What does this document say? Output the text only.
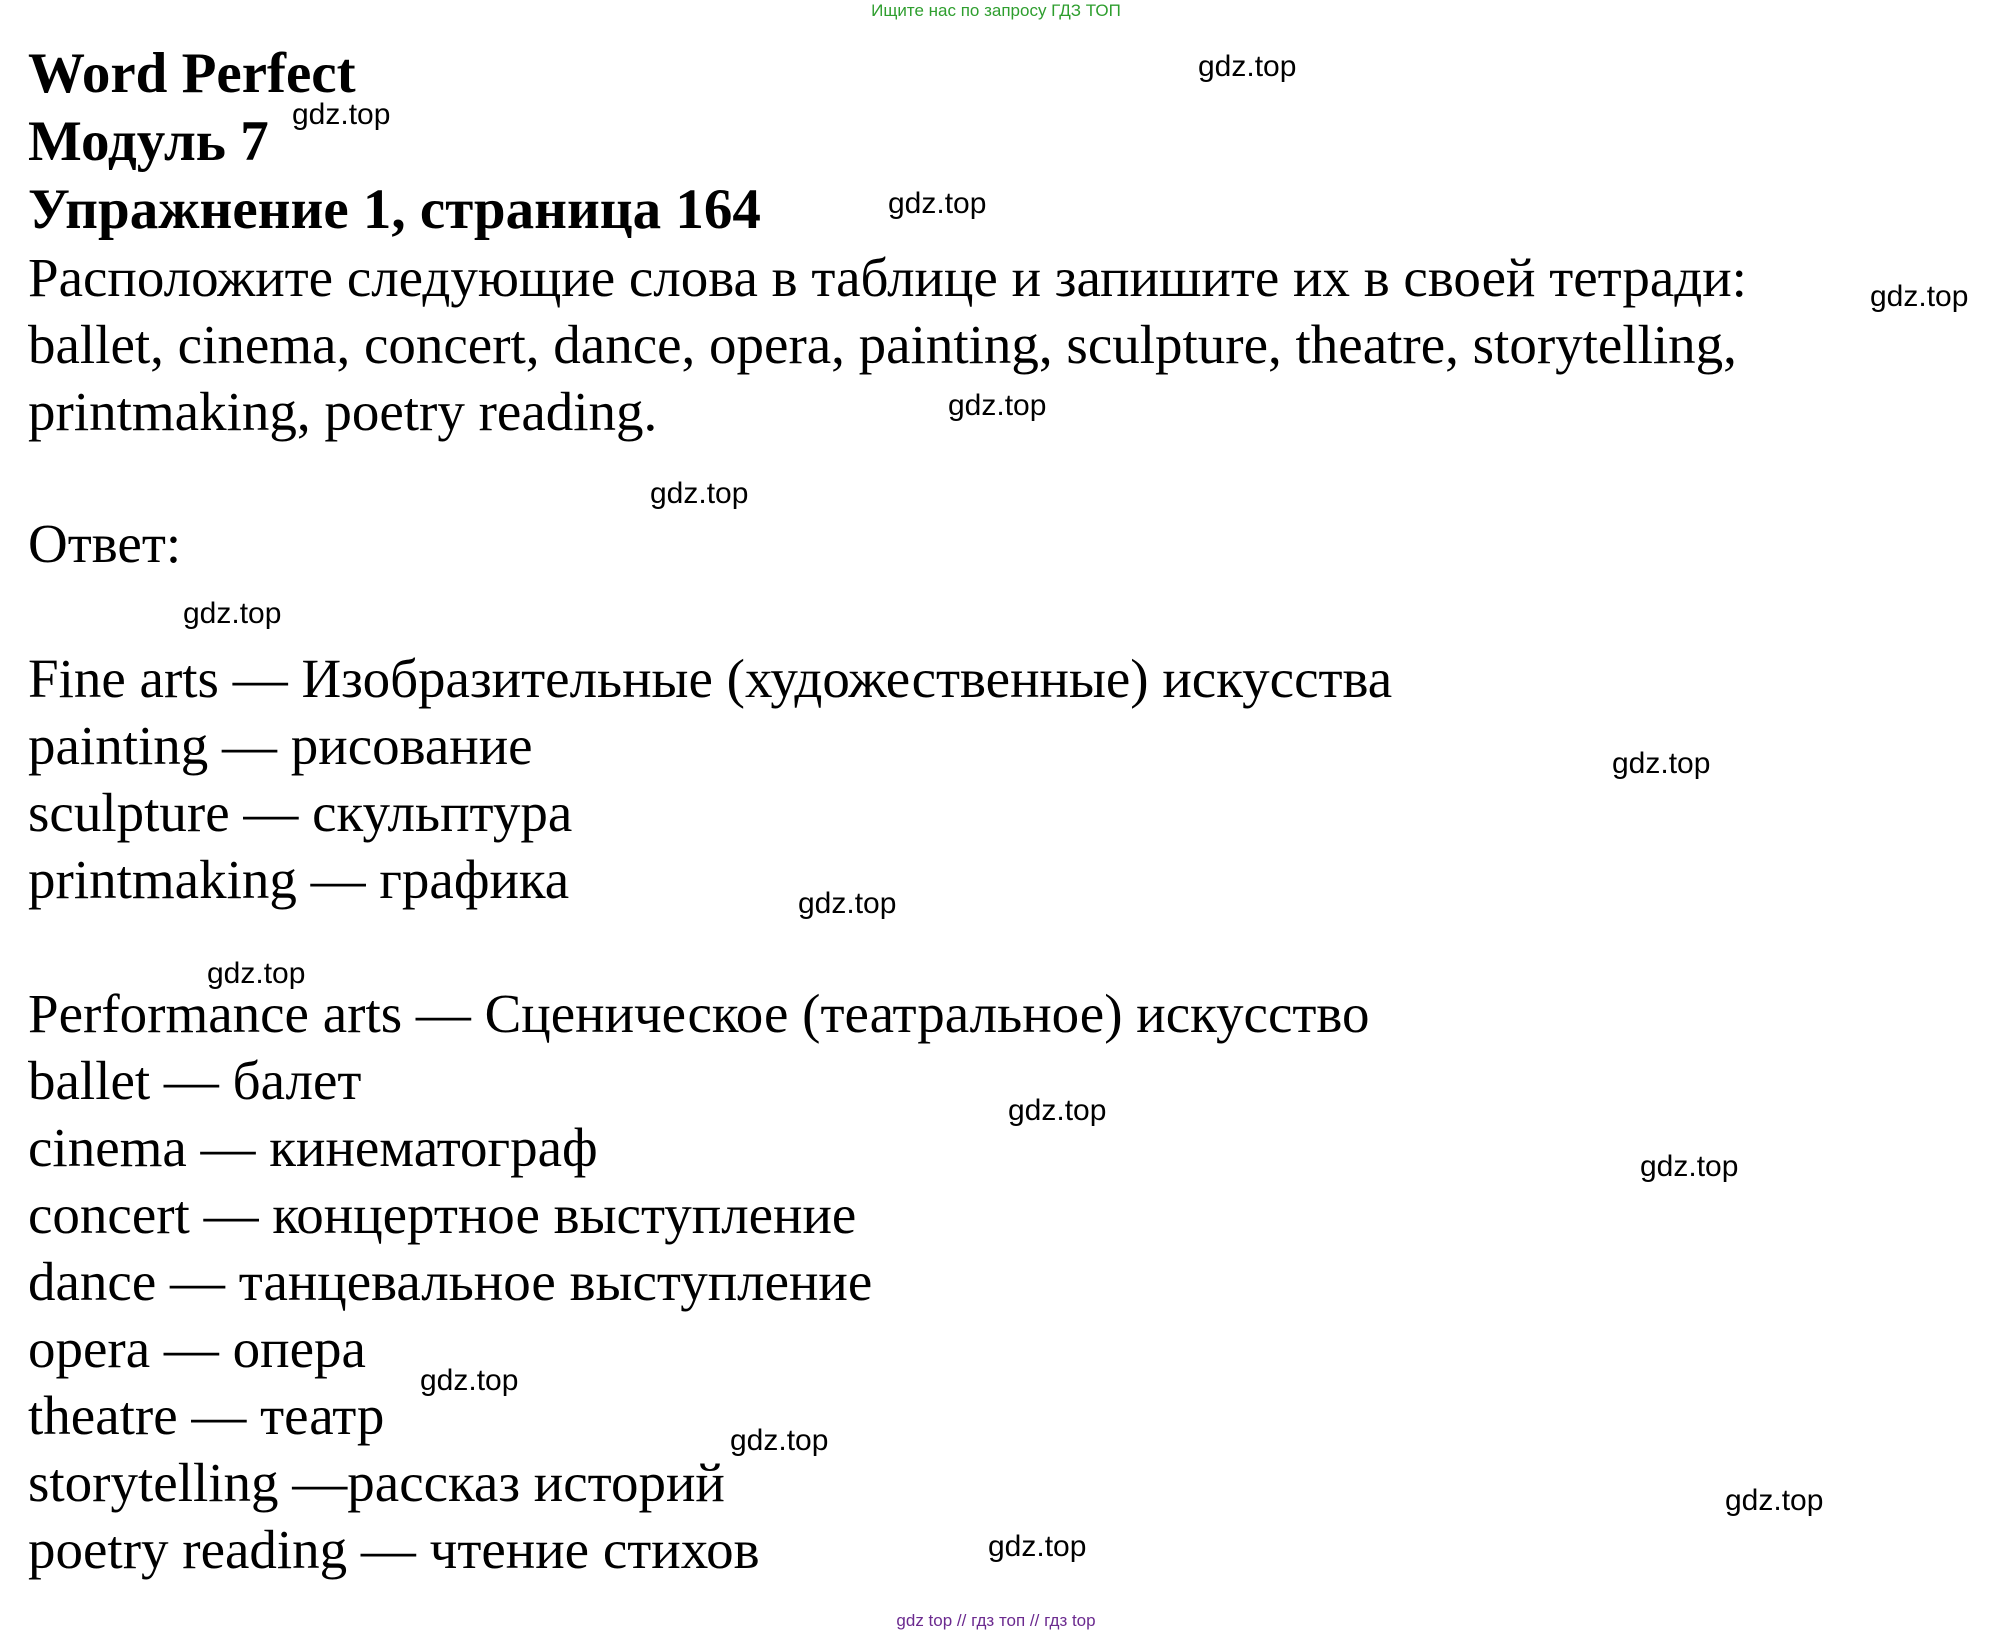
Ищите нас по запросу ГДЗ ТОП
Word Perfect
Модуль 7
Упражнение 1, страница 164
Расположите следующие слова в таблице и запишите их в своей тетради:
ballet, cinema, concert, dance, opera, painting, sculpture, theatre, storytelling,
printmaking, poetry reading.
Ответ:
Fine arts — Изобразительные (художественные) искусства
painting — рисование
sculpture — скульптура
printmaking — графика
Performance arts — Сценическое (театральное) искусство
ballet — балет
cinema — кинематограф
concert — концертное выступление
dance — танцевальное выступление
opera — опера
theatre — театр
storytelling —рассказ историй
poetry reading — чтение стихов
gdz.top
gdz.top
gdz.top
gdz.top
gdz.top
gdz.top
gdz.top
gdz.top
gdz.top
gdz.top
gdz.top
gdz.top
gdz.top
gdz.top
gdz.top
gdz.top
gdz top // гдз топ // гдз top
